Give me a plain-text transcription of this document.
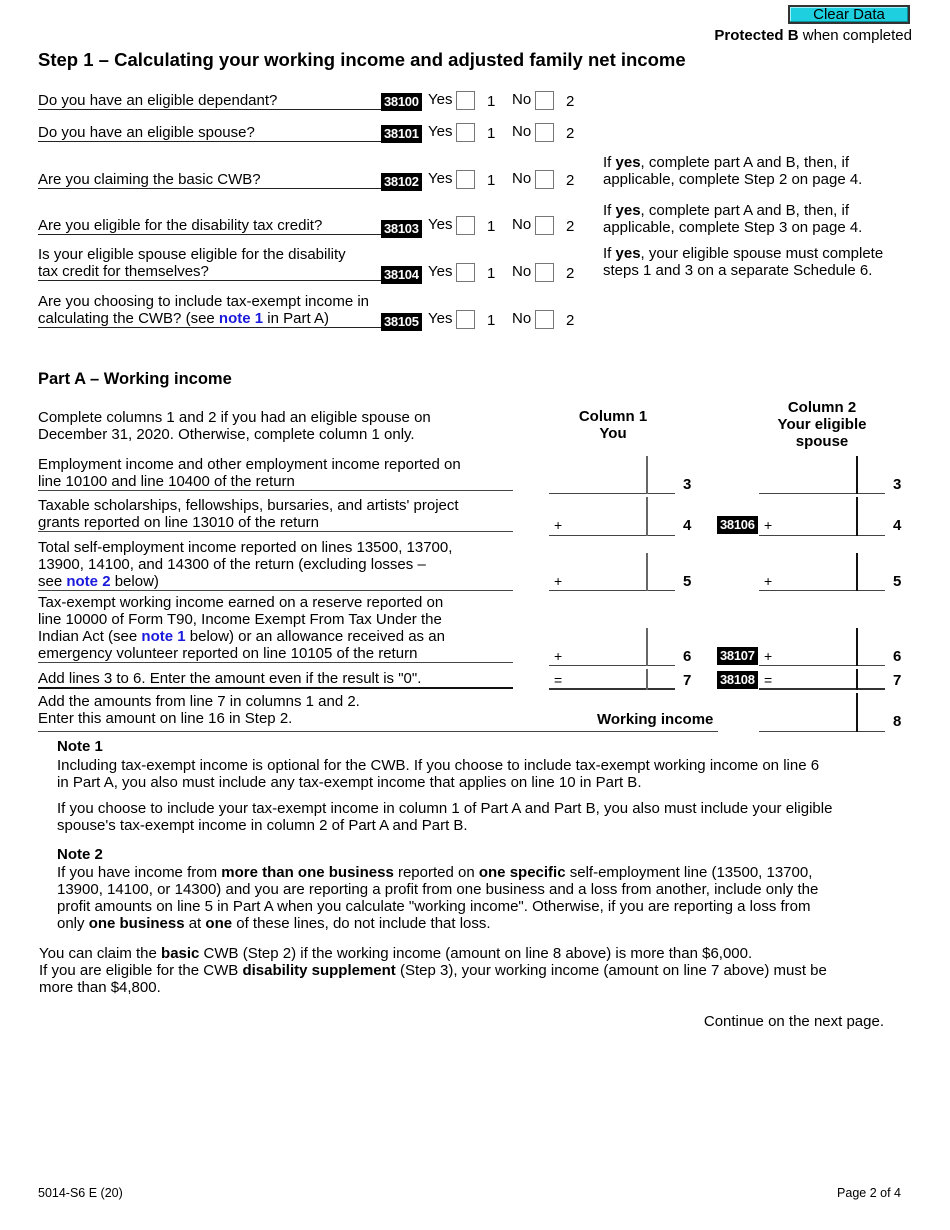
Clear Data
Protected B when completed
Step 1 – Calculating your working income and adjusted family net income
Do you have an eligible dependant?	38100 Yes 1 No 2
Do you have an eligible spouse?	38101 Yes 1 No 2
Are you claiming the basic CWB?	38102 Yes 1 No 2
Are you eligible for the disability tax credit?	38103 Yes 1 No 2
Is your eligible spouse eligible for the disability
tax credit for themselves?	38104 Yes 1 No 2
Are you choosing to include tax-exempt income in
calculating the CWB? (see note 1 in Part A)	38105 Yes 1 No 2
If yes, complete part A and B, then, if
applicable, complete Step 2 on page 4.
If yes, complete part A and B, then, if
applicable, complete Step 3 on page 4.
If yes, your eligible spouse must complete
steps 1 and 3 on a separate Schedule 6.
Part A – Working income
Complete columns 1 and 2 if you had an eligible spouse on
December 31, 2020. Otherwise, complete column 1 only.
Column 1
You
Column 2
Your eligible
spouse
Employment income and other employment income reported on
line 10100 and line 10400 of the return	3	3
Taxable scholarships, fellowships, bursaries, and artists' project
grants reported on line 13010 of the return	+	4 38106 +	4
Total self-employment income reported on lines 13500, 13700,
13900, 14100, and 14300 of the return (excluding losses –
see note 2 below)	+	5	+	5
Tax-exempt working income earned on a reserve reported on
line 10000 of Form T90, Income Exempt From Tax Under the
Indian Act (see note 1 below) or an allowance received as an
emergency volunteer reported on line 10105 of the return	+	6 38107 +	6
Add lines 3 to 6. Enter the amount even if the result is "0".	=	7 38108 =	7
Add the amounts from line 7 in columns 1 and 2.
Enter this amount on line 16 in Step 2.	Working income	8
Note 1
Including tax-exempt income is optional for the CWB. If you choose to include tax-exempt working income on line 6
in Part A, you also must include any tax-exempt income that applies on line 10 in Part B.
If you choose to include your tax-exempt income in column 1 of Part A and Part B, you also must include your eligible
spouse's tax-exempt income in column 2 of Part A and Part B.
Note 2
If you have income from more than one business reported on one specific self-employment line (13500, 13700,
13900, 14100, or 14300) and you are reporting a profit from one business and a loss from another, include only the
profit amounts on line 5 in Part A when you calculate "working income". Otherwise, if you are reporting a loss from
only one business at one of these lines, do not include that loss.
You can claim the basic CWB (Step 2) if the working income (amount on line 8 above) is more than $6,000.
If you are eligible for the CWB disability supplement (Step 3), your working income (amount on line 7 above) must be
more than $4,800.
Continue on the next page.
5014-S6 E (20)	Page 2 of 4
